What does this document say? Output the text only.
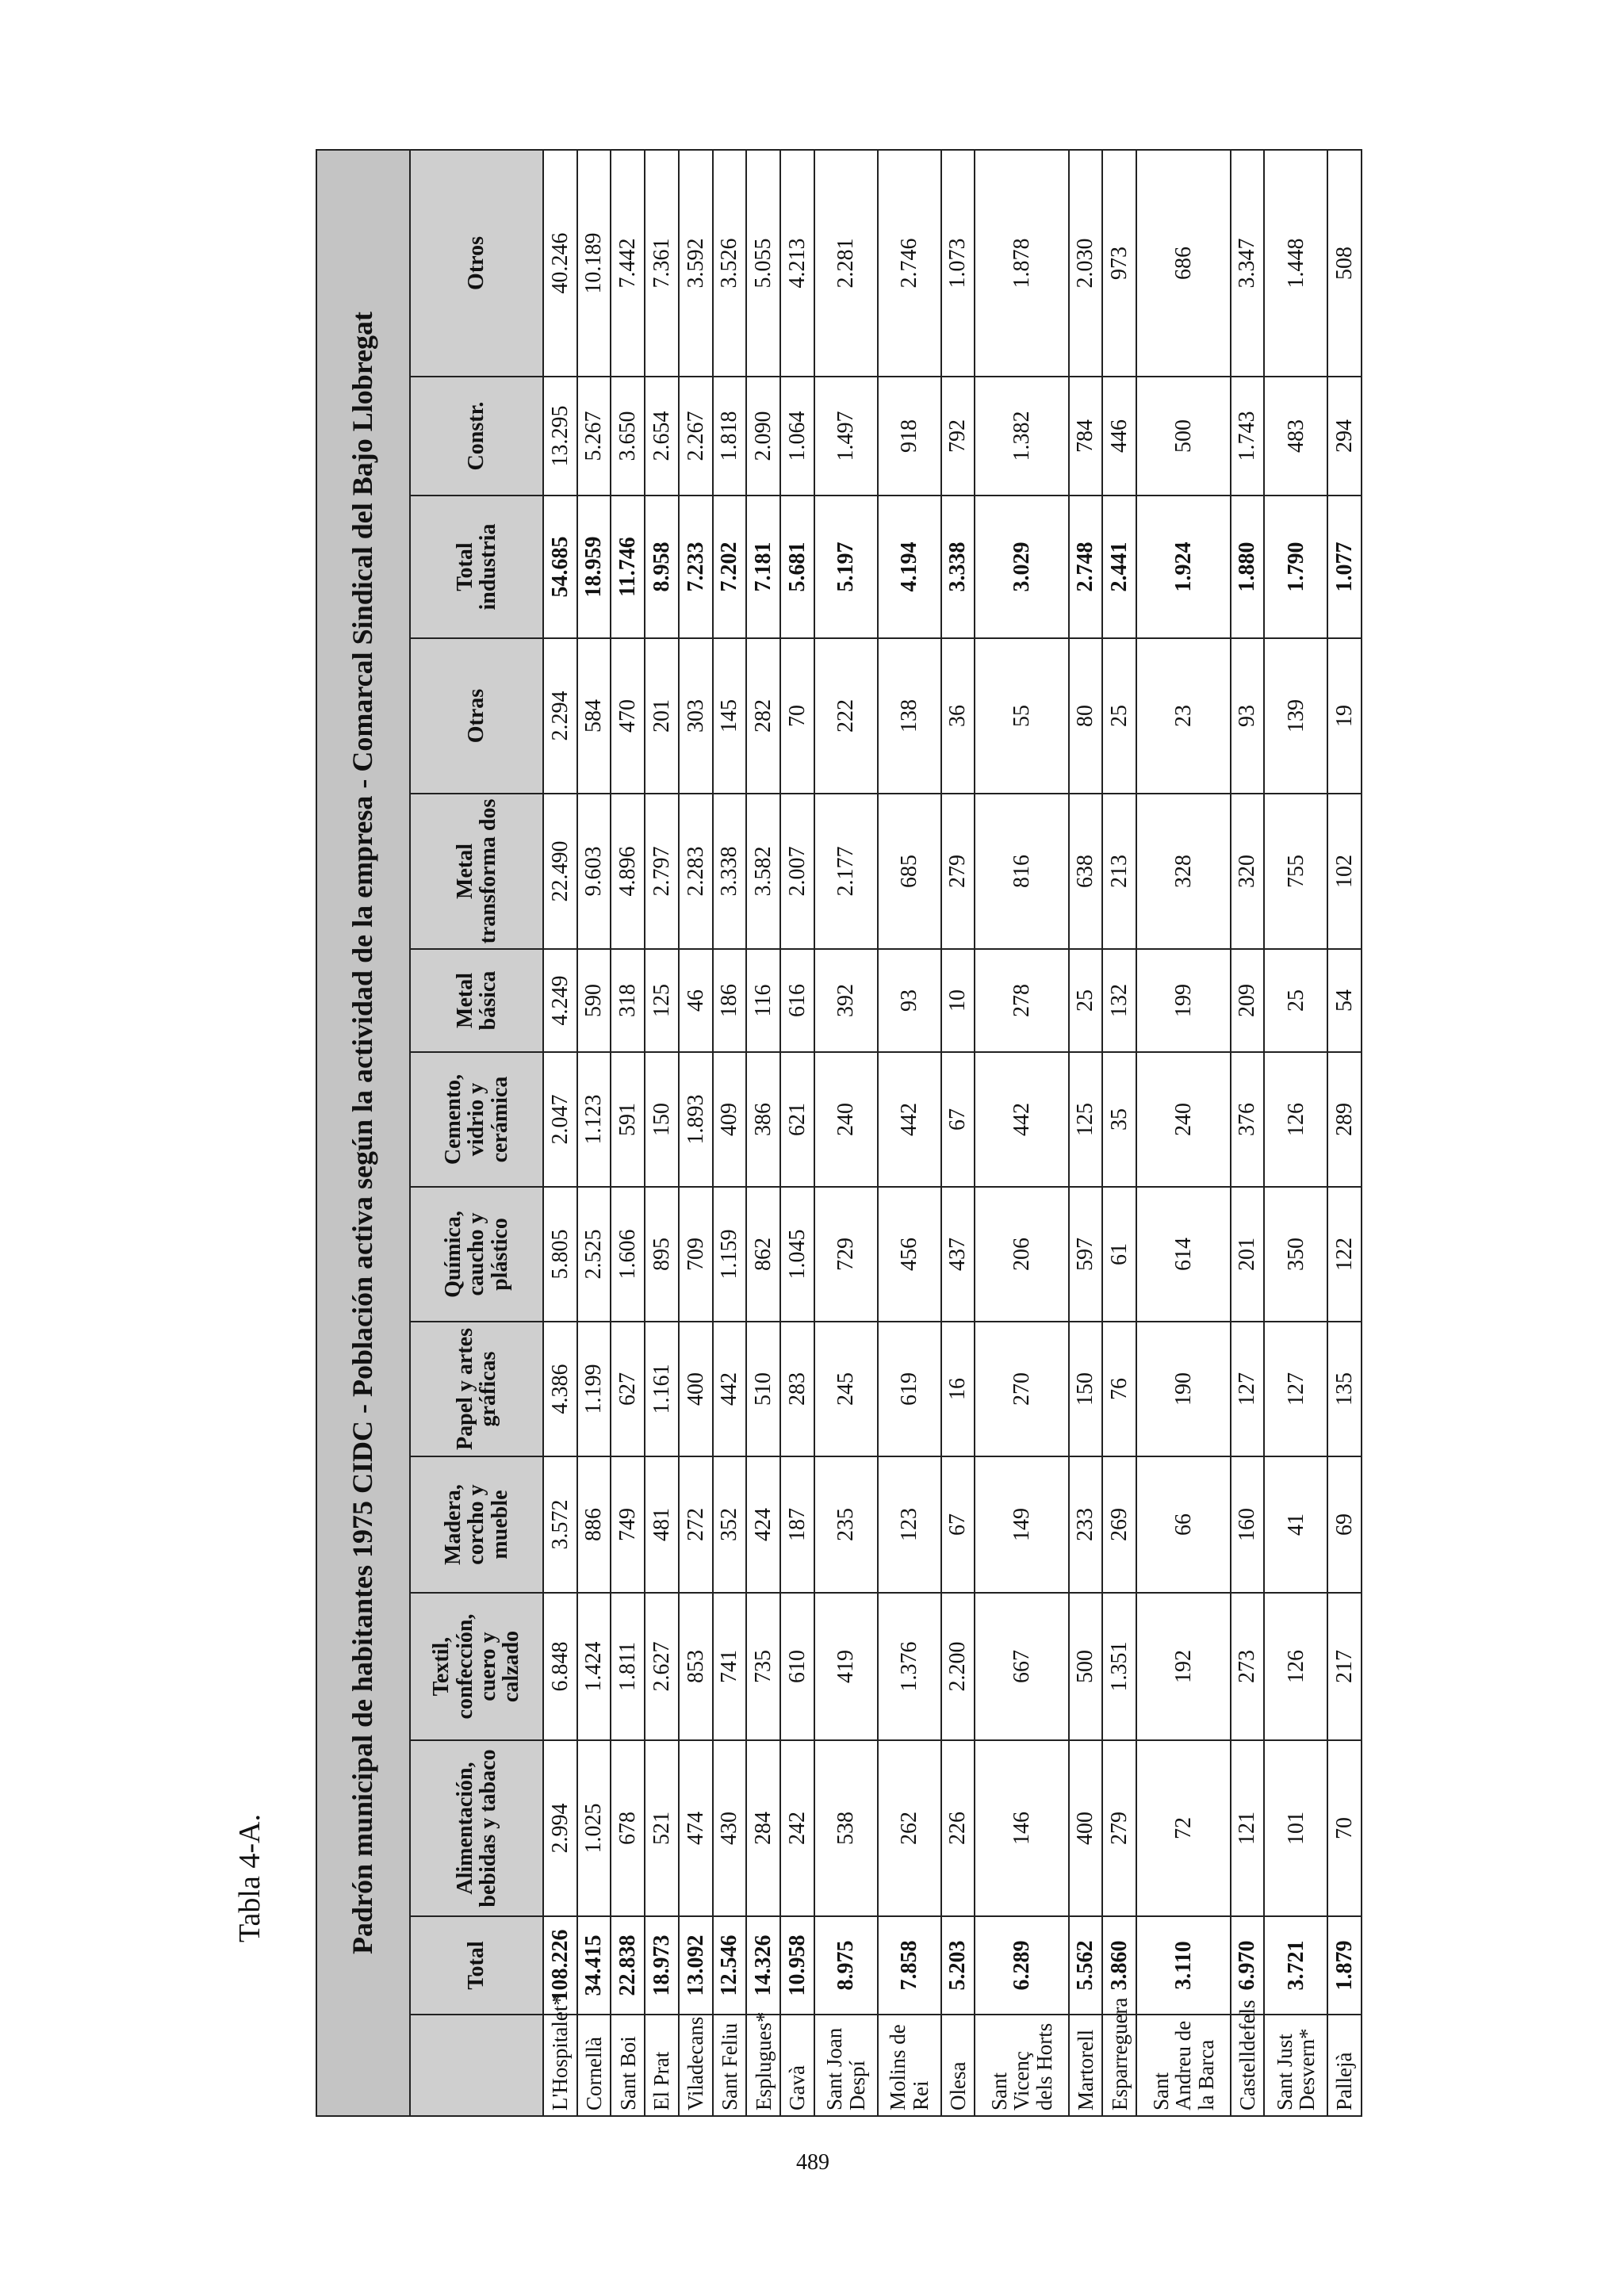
Tabla 4-A.	Padrón municipal de habitantes 1975 CIDC - Población activa según la actividad de la empresa - Comarcal Sindical del Bajo Llobregat													
	Total	Alimentación, bebidas y tabaco	Textil, confección, cuero y calzado	Madera, corcho y mueble	Papel y artes gráficas	Química, caucho y plástico	Cemento, vidrio y cerámica	Metal básica	Metal transforma dos	Otras	Total industria	Constr.	Otros
L'Hospitalet*	108.226	2.994	6.848	3.572	4.386	5.805	2.047	4.249	22.490	2.294	54.685	13.295	40.246
Cornellà	34.415	1.025	1.424	886	1.199	2.525	1.123	590	9.603	584	18.959	5.267	10.189
Sant Boi	22.838	678	1.811	749	627	1.606	591	318	4.896	470	11.746	3.650	7.442
El Prat	18.973	521	2.627	481	1.161	895	150	125	2.797	201	8.958	2.654	7.361
Viladecans	13.092	474	853	272	400	709	1.893	46	2.283	303	7.233	2.267	3.592
Sant Feliu	12.546	430	741	352	442	1.159	409	186	3.338	145	7.202	1.818	3.526
Esplugues*	14.326	284	735	424	510	862	386	116	3.582	282	7.181	2.090	5.055
Gavà	10.958	242	610	187	283	1.045	621	616	2.007	70	5.681	1.064	4.213
Sant Joan Despí	8.975	538	419	235	245	729	240	392	2.177	222	5.197	1.497	2.281
Molins de Rei	7.858	262	1.376	123	619	456	442	93	685	138	4.194	918	2.746
Olesa	5.203	226	2.200	67	16	437	67	10	279	36	3.338	792	1.073
Sant Vicenç dels Horts	6.289	146	667	149	270	206	442	278	816	55	3.029	1.382	1.878
Martorell	5.562	400	500	233	150	597	125	25	638	80	2.748	784	2.030
Esparreguera	3.860	279	1.351	269	76	61	35	132	213	25	2.441	446	973
Sant Andreu de la Barca	3.110	72	192	66	190	614	240	199	328	23	1.924	500	686
Castelldefels	6.970	121	273	160	127	201	376	209	320	93	1.880	1.743	3.347
Sant Just Desvern*	3.721	101	126	41	127	350	126	25	755	139	1.790	483	1.448
Pallejà	1.879	70	217	69	135	122	289	54	102	19	1.077	294	508
489
